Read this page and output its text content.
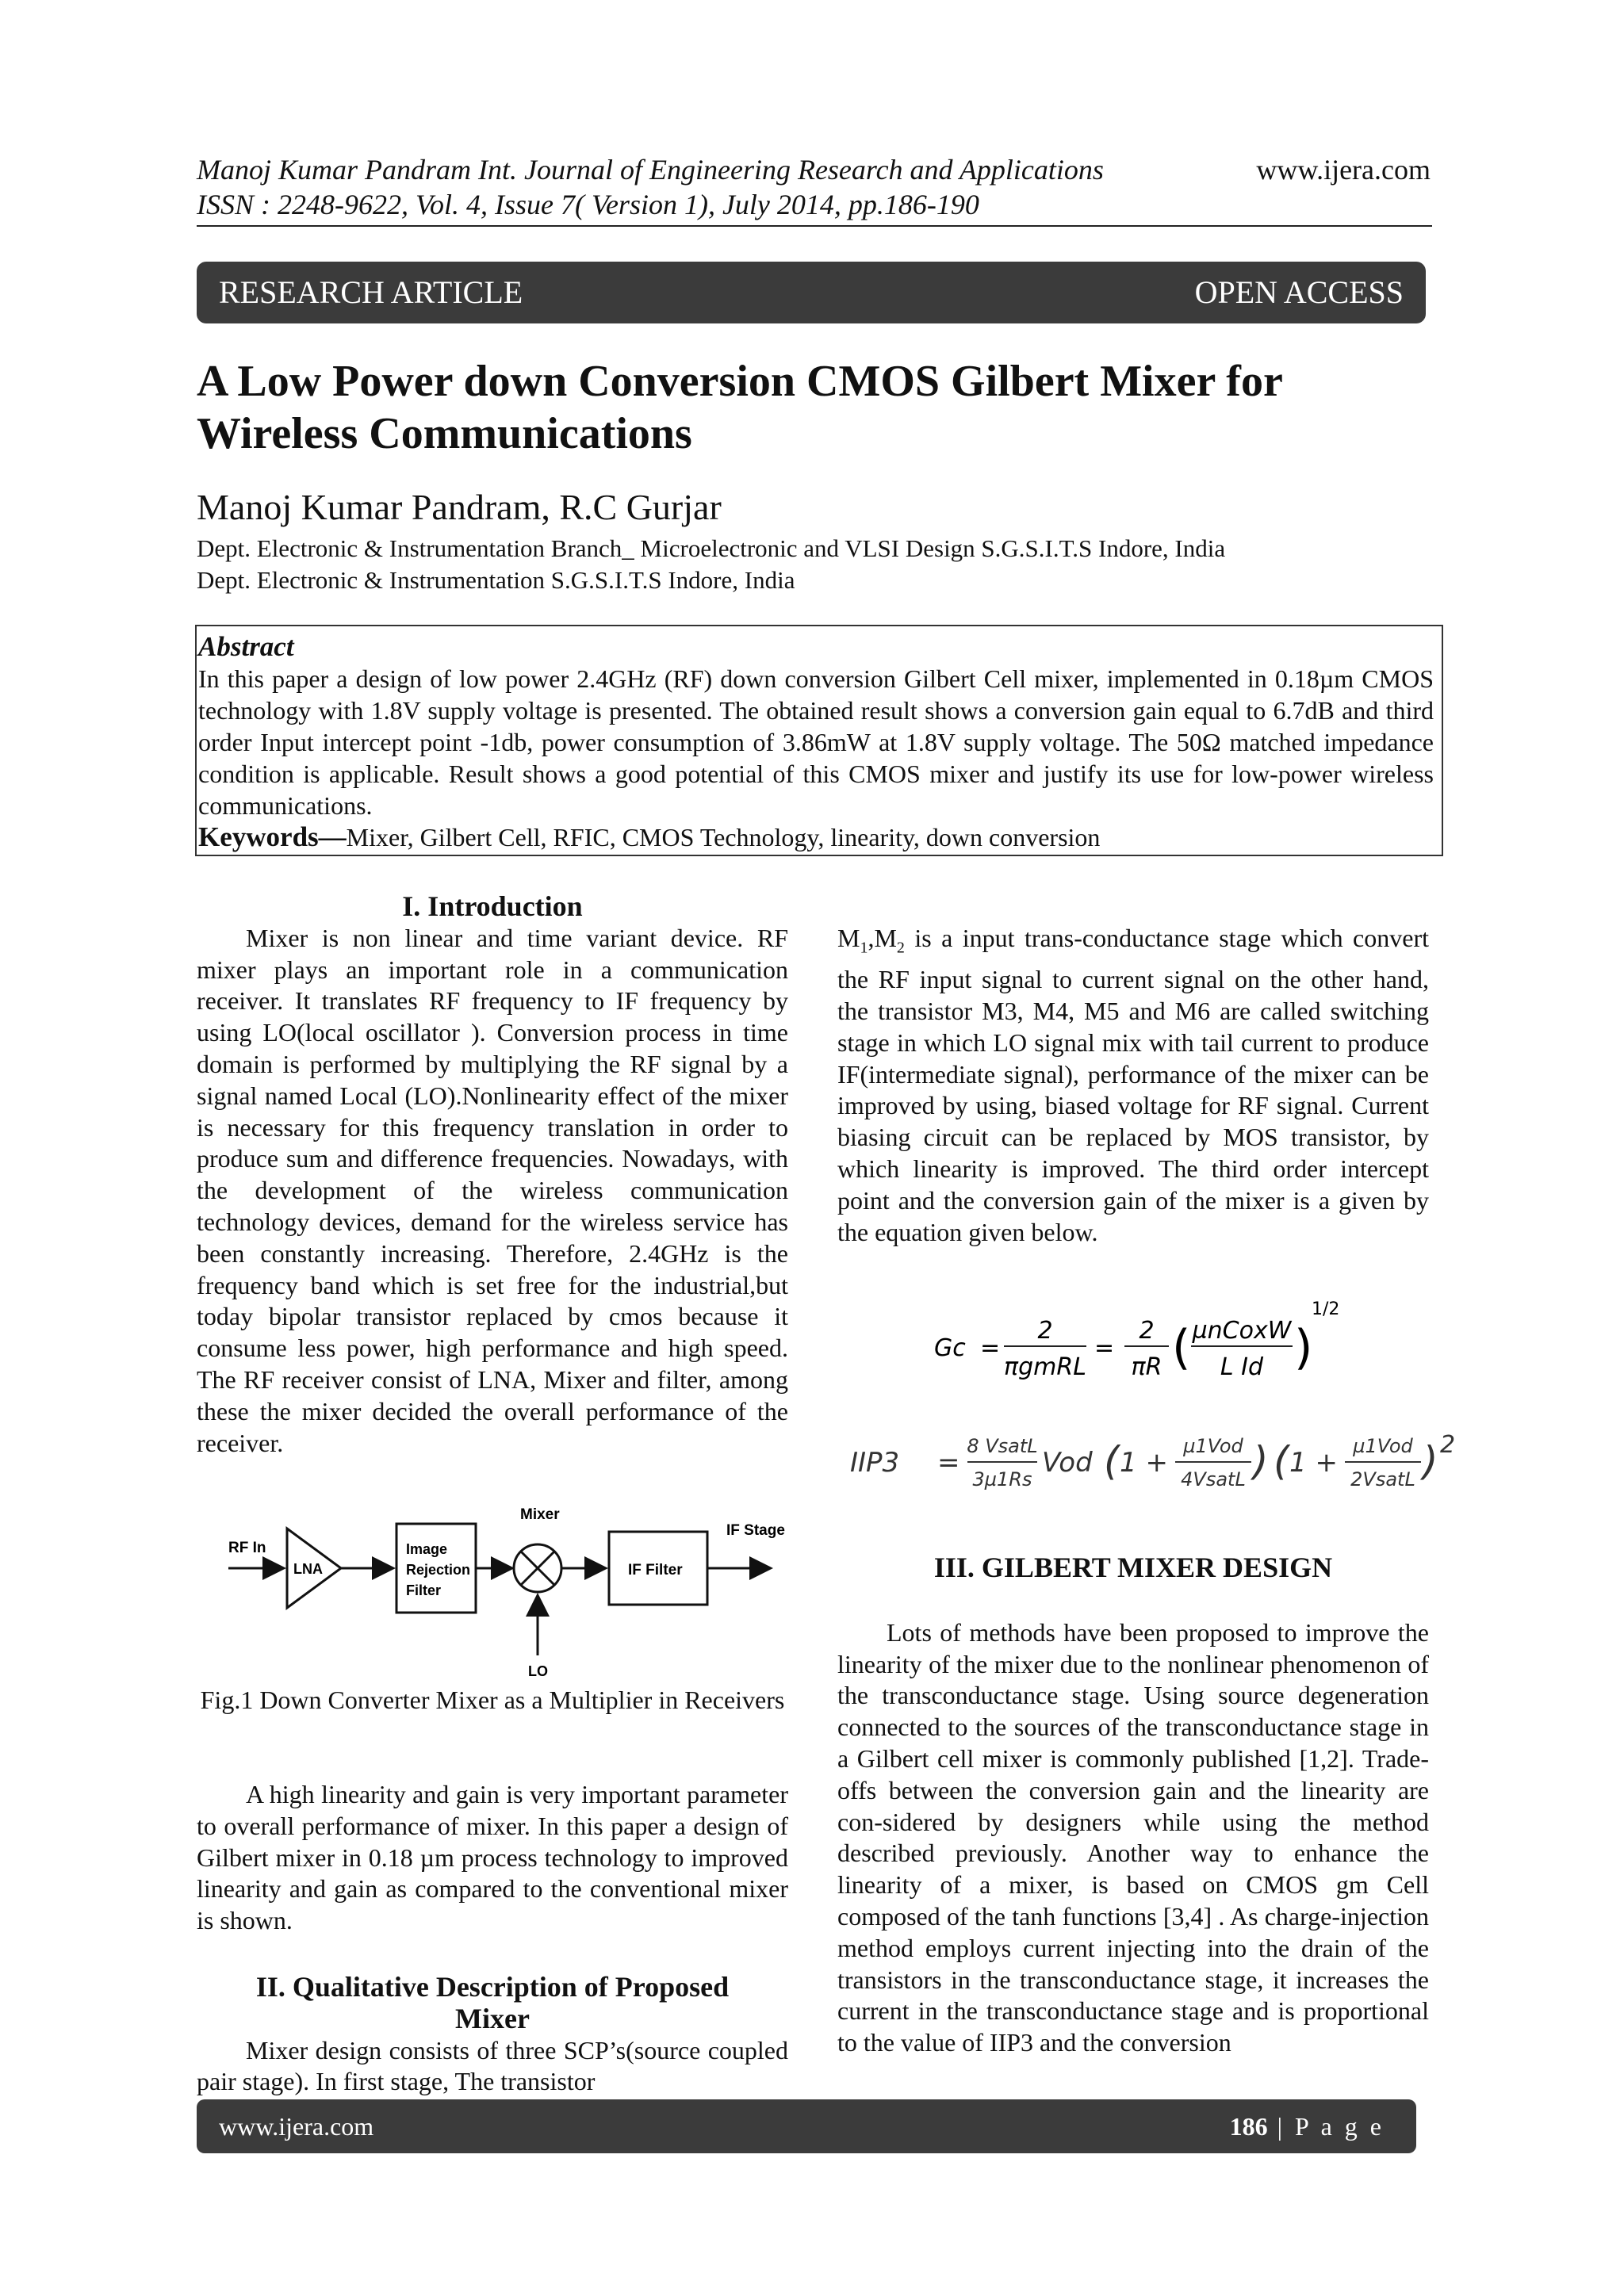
Manoj Kumar Pandram Int. Journal of Engineering Research and Applications
ISSN : 2248-9622, Vol. 4, Issue 7( Version 1), July 2014, pp.186-190
www.ijera.com
RESEARCH ARTICLE	OPEN ACCESS
A Low Power down Conversion CMOS Gilbert Mixer for
Wireless Communications
Manoj Kumar Pandram, R.C Gurjar
Dept. Electronic & Instrumentation Branch_ Microelectronic and VLSI Design S.G.S.I.T.S Indore, India
Dept. Electronic & Instrumentation S.G.S.I.T.S Indore, India
Abstract

In this paper a design of low power 2.4GHz (RF) down conversion Gilbert Cell mixer, implemented in 0.18µm CMOS technology with 1.8V supply voltage is presented. The obtained result shows a conversion gain equal to 6.7dB and third order Input intercept point -1db, power consumption of 3.86mW at 1.8V supply voltage. The 50Ω matched impedance condition is applicable. Result shows a good potential of this CMOS mixer and justify its use for low-power wireless communications.

Keywords—Mixer, Gilbert Cell, RFIC, CMOS Technology, linearity, down conversion
I. Introduction

Mixer is non linear and time variant device. RF mixer plays an important role in a communication receiver. It translates RF frequency to IF frequency by using LO(local oscillator ). Conversion process in time domain is performed by multiplying the RF signal by a signal named Local (LO).Nonlinearity effect of the mixer is necessary for this frequency translation in order to produce sum and difference frequencies. Nowadays, with the development of the wireless communication technology devices, demand for the wireless service has been constantly increasing. Therefore, 2.4GHz is the frequency band which is set free for the industrial,but today bipolar transistor replaced by cmos because it consume less power, high performance and high speed. The RF receiver consist of LNA, Mixer and filter, among these the mixer decided the overall performance of the receiver.

RF In
LNA
Image
Rejection
Filter
Mixer
LO
IF Filter
IF Stage
Fig.1 Down Converter Mixer as a Multiplier in Receivers

A high linearity and gain is very important parameter to overall performance of mixer. In this paper a design of Gilbert mixer in 0.18 µm process technology to improved linearity and gain as compared to the conventional mixer is shown.

II. Qualitative Description of Proposed
Mixer

Mixer design consists of three SCP’s(source coupled pair stage). In first stage, The transistor

$M_1,M_2$ is a input trans-conductance stage which convert the RF input signal to current signal on the other hand, the transistor M3, M4, M5 and M6 are called switching stage in which LO signal mix with tail current to produce IF(intermediate signal), performance of the mixer can be improved by using, biased voltage for RF signal. Current biasing circuit can be replaced by MOS transistor, by which linearity is improved. The third order intercept point and the conversion gain of the mixer is a given by the equation given below.

Gc =
2
πgmRL
=
2
πR ( µnCoxW
L Id )
1/2
IIP3 =
8 VsatL
3µ1Rs
Vod ( 1 +
µ1Vod
4VsatL ) ( 1 +
µ1Vod
2VsatL ) 2
III. GILBERT MIXER DESIGN

Lots of methods have been proposed to improve the linearity of the mixer due to the nonlinear phenomenon of the transconductance stage. Using source degeneration connected to the sources of the transconductance stage in a Gilbert cell mixer is commonly published [1,2]. Trade-offs between the conversion gain and the linearity are con-sidered by designers while using the method described previously. Another way to enhance the linearity of a mixer, is based on CMOS gm Cell composed of the tanh functions [3,4] . As charge-injection method employs current injecting into the drain of the transistors in the transconductance stage, it increases the current in the transconductance stage and is proportional to the value of IIP3 and the conversion

www.ijera.com	186 | P a g e
